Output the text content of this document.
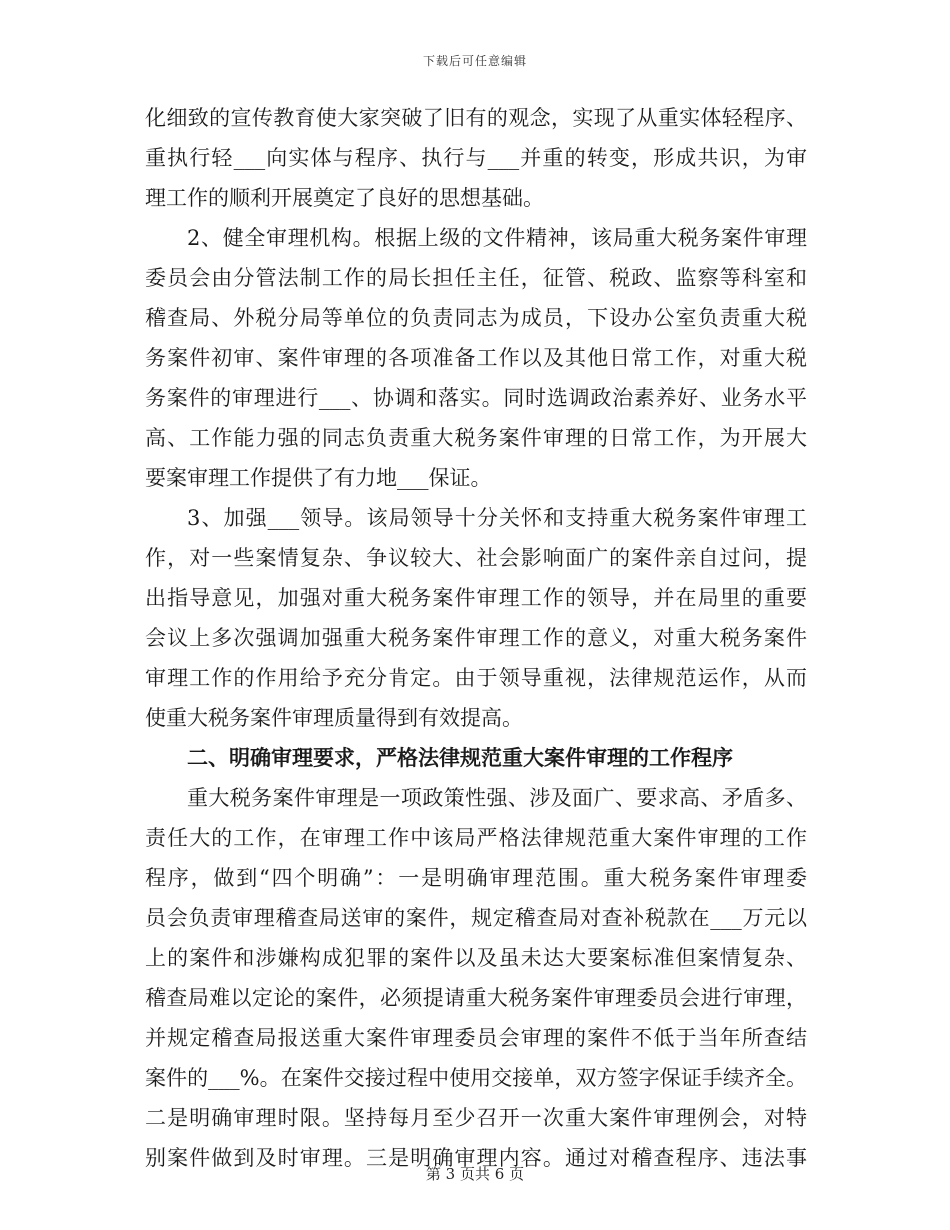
下载后可任意编辑
化细致的宣传教育使大家突破了旧有的观念，实现了从重实体轻程序、
重执行轻___向实体与程序、执行与___并重的转变，形成共识，为审
理工作的顺利开展奠定了良好的思想基础。
2、健全审理机构。根据上级的文件精神，该局重大税务案件审理
委员会由分管法制工作的局长担任主任，征管、税政、监察等科室和
稽查局、外税分局等单位的负责同志为成员，下设办公室负责重大税
务案件初审、案件审理的各项准备工作以及其他日常工作，对重大税
务案件的审理进行___、协调和落实。同时选调政治素养好、业务水平
高、工作能力强的同志负责重大税务案件审理的日常工作，为开展大
要案审理工作提供了有力地___保证。
3、加强___领导。该局领导十分关怀和支持重大税务案件审理工
作，对一些案情复杂、争议较大、社会影响面广的案件亲自过问，提
出指导意见，加强对重大税务案件审理工作的领导，并在局里的重要
会议上多次强调加强重大税务案件审理工作的意义，对重大税务案件
审理工作的作用给予充分肯定。由于领导重视，法律规范运作，从而
使重大税务案件审理质量得到有效提高。
二、明确审理要求，严格法律规范重大案件审理的工作程序
重大税务案件审理是一项政策性强、涉及面广、要求高、矛盾多、
责任大的工作，在审理工作中该局严格法律规范重大案件审理的工作
程序，做到“四个明确”：一是明确审理范围。重大税务案件审理委
员会负责审理稽查局送审的案件，规定稽查局对查补税款在___万元以
上的案件和涉嫌构成犯罪的案件以及虽未达大要案标准但案情复杂、
稽查局难以定论的案件，必须提请重大税务案件审理委员会进行审理，
并规定稽查局报送重大案件审理委员会审理的案件不低于当年所查结
案件的___%。在案件交接过程中使用交接单，双方签字保证手续齐全。
二是明确审理时限。坚持每月至少召开一次重大案件审理例会，对特
别案件做到及时审理。三是明确审理内容。通过对稽查程序、违法事
第 3 页共 6 页
